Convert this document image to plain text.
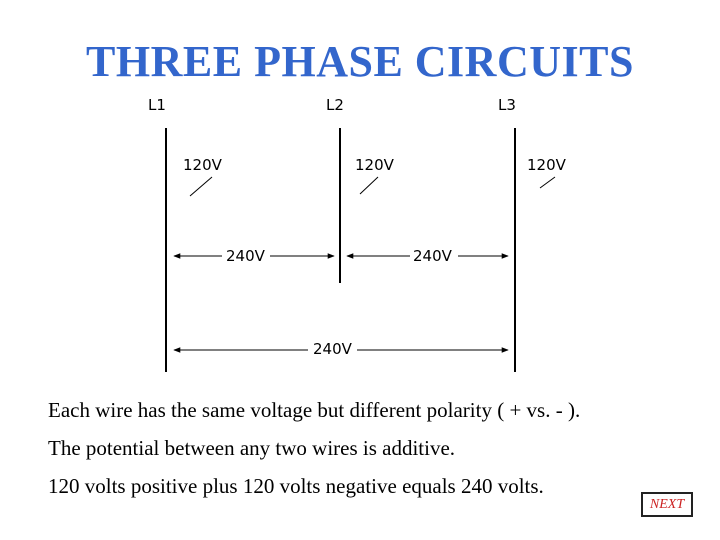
THREE PHASE CIRCUITS
L1	L2	L3
120V	120V	120V
240V	240V
240V
Each wire has the same voltage but different polarity ( + vs. - ).
The potential between any two wires is additive.
120 volts positive plus 120 volts negative equals 240 volts.
NEXT
